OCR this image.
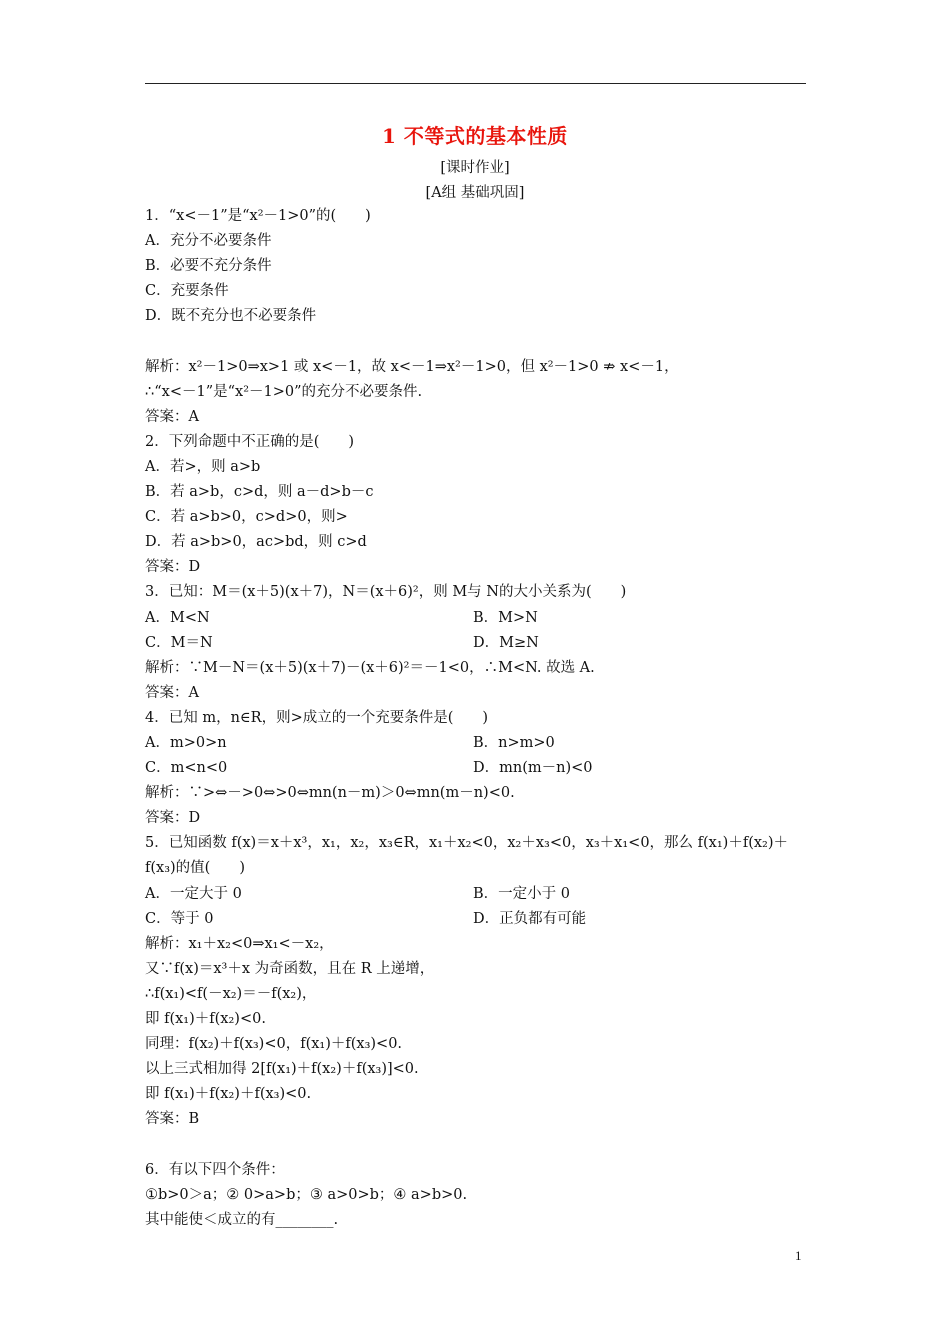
1 不等式的基本性质
[课时作业]
[A组 基础巩固]
1．“x<－1”是“x²－1>0”的(　　)
A．充分不必要条件
B．必要不充分条件
C．充要条件
D．既不充分也不必要条件
解析：x²－1>0⇒x>1 或 x<－1，故 x<－1⇒x²－1>0，但 x²－1>0 ⇏ x<－1，
∴“x<－1”是“x²－1>0”的充分不必要条件.
答案：A
2．下列命题中不正确的是(　　)
A．若>，则 a>b
B．若 a>b，c>d，则 a－d>b－c
C．若 a>b>0，c>d>0，则>
D．若 a>b>0，ac>bd，则 c>d
答案：D
3．已知：M＝(x＋5)(x＋7)，N＝(x＋6)²，则 M与 N的大小关系为(　　)
A．M<N	B．M>N
C．M＝N	D．M≥N
解析：∵M－N＝(x＋5)(x＋7)－(x＋6)²＝－1<0，∴M<N. 故选 A.
答案：A
4．已知 m，n∈R，则>成立的一个充要条件是(　　)
A．m>0>n	B．n>m>0
C．m<n<0	D．mn(m－n)<0
解析：∵>⇔－>0⇔>0⇔mn(n－m)＞0⇔mn(m－n)<0.
答案：D
5．已知函数 f(x)＝x＋x³，x₁，x₂，x₃∈R，x₁＋x₂<0，x₂＋x₃<0，x₃＋x₁<0，那么 f(x₁)＋f(x₂)＋
f(x₃)的值(　　)
A．一定大于 0	B．一定小于 0
C．等于 0	D．正负都有可能
解析：x₁＋x₂<0⇒x₁<－x₂，
又∵f(x)＝x³＋x 为奇函数，且在 R 上递增，
∴f(x₁)<f(－x₂)＝－f(x₂)，
即 f(x₁)＋f(x₂)<0.
同理：f(x₂)＋f(x₃)<0，f(x₁)＋f(x₃)<0.
以上三式相加得 2[f(x₁)＋f(x₂)＋f(x₃)]<0.
即 f(x₁)＋f(x₂)＋f(x₃)<0.
答案：B
6．有以下四个条件：
①b>0＞a；② 0>a>b；③ a>0>b；④ a>b>0.
其中能使＜成立的有________.
1
